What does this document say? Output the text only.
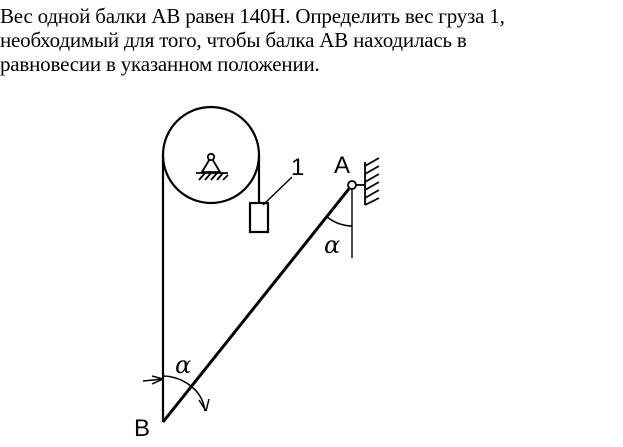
Вес одной балки АВ равен 140Н. Определить вес груза 1,
необходимый для того, чтобы балка АВ находилась в
равновесии в указанном положении.
1
α
α
A
B
